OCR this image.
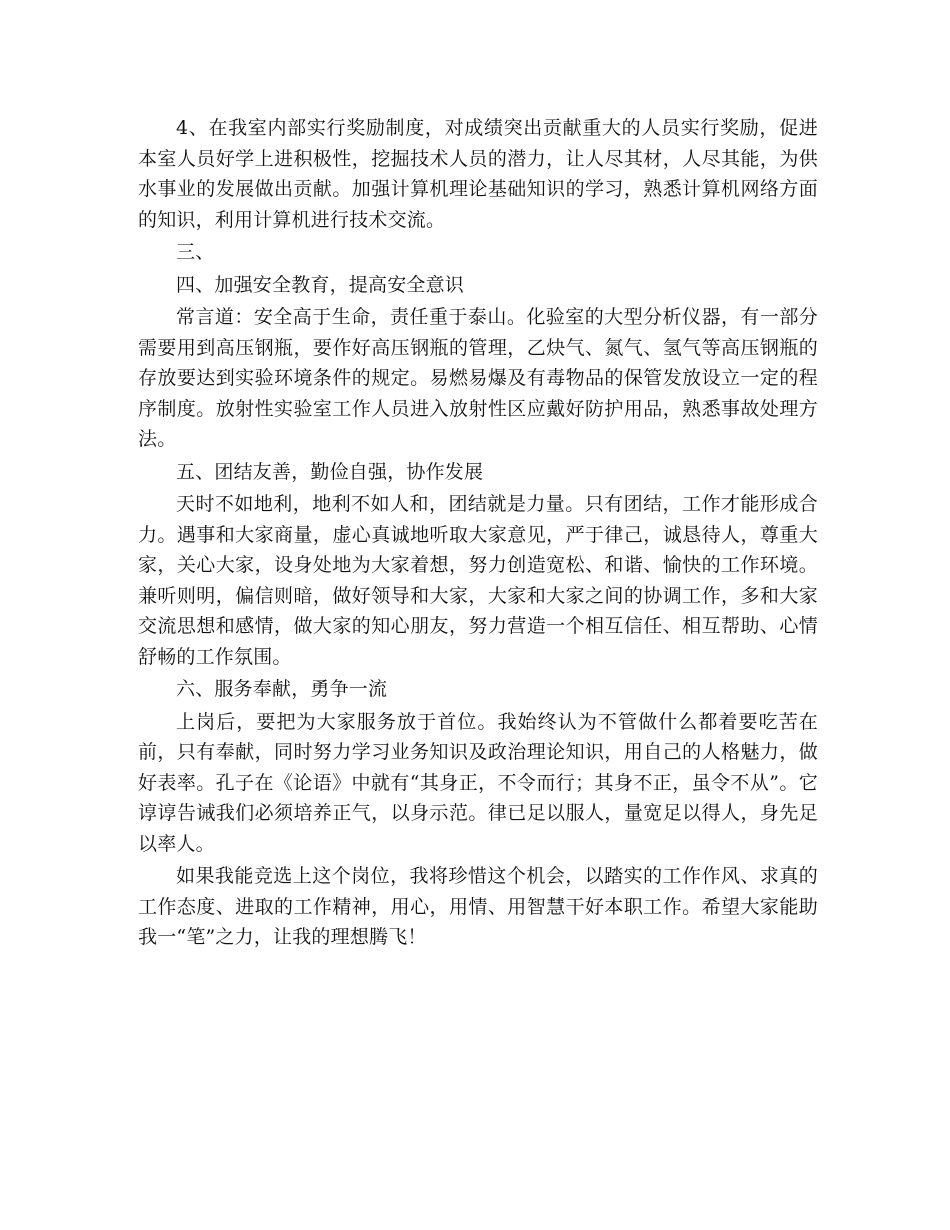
4、在我室内部实行奖励制度，对成绩突出贡献重大的人员实行奖励，促进本室人员好学上进积极性，挖掘技术人员的潜力，让人尽其材，人尽其能，为供水事业的发展做出贡献。加强计算机理论基础知识的学习，熟悉计算机网络方面的知识，利用计算机进行技术交流。

三、

四、加强安全教育，提高安全意识

常言道：安全高于生命，责任重于泰山。化验室的大型分析仪器，有一部分需要用到高压钢瓶，要作好高压钢瓶的管理，乙炔气、氮气、氢气等高压钢瓶的存放要达到实验环境条件的规定。易燃易爆及有毒物品的保管发放设立一定的程序制度。放射性实验室工作人员进入放射性区应戴好防护用品，熟悉事故处理方法。

五、团结友善，勤俭自强，协作发展

天时不如地利，地利不如人和，团结就是力量。只有团结，工作才能形成合力。遇事和大家商量，虚心真诚地听取大家意见，严于律己，诚恳待人，尊重大家，关心大家，设身处地为大家着想，努力创造宽松、和谐、愉快的工作环境。兼听则明，偏信则暗，做好领导和大家，大家和大家之间的协调工作，多和大家交流思想和感情，做大家的知心朋友，努力营造一个相互信任、相互帮助、心情舒畅的工作氛围。

六、服务奉献，勇争一流

上岗后，要把为大家服务放于首位。我始终认为不管做什么都着要吃苦在前，只有奉献，同时努力学习业务知识及政治理论知识，用自己的人格魅力，做好表率。孔子在《论语》中就有“其身正，不令而行；其身不正，虽令不从”。它谆谆告诫我们必须培养正气，以身示范。律已足以服人，量宽足以得人，身先足以率人。

如果我能竞选上这个岗位，我将珍惜这个机会，以踏实的工作作风、求真的工作态度、进取的工作精神，用心，用情、用智慧干好本职工作。希望大家能助我一“笔”之力，让我的理想腾飞！
